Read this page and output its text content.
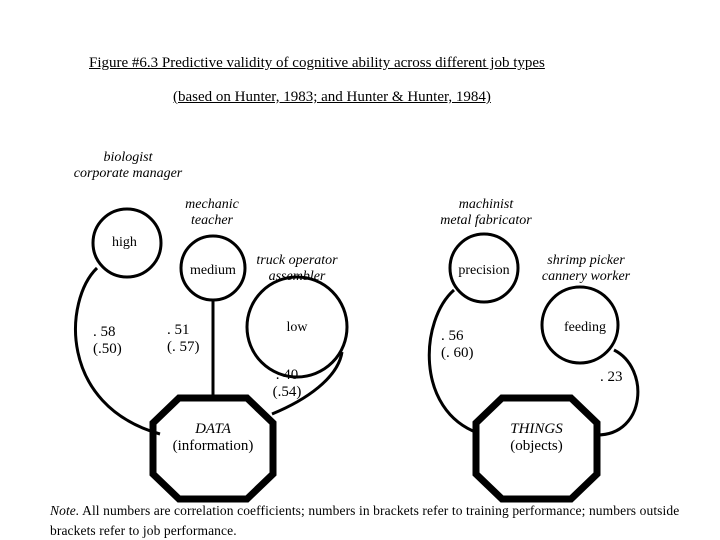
Figure #6.3 Predictive validity of cognitive ability across different job types
(based on Hunter, 1983; and Hunter & Hunter, 1984)
biologist
corporate manager
mechanic
teacher
truck operator
assembler
machinist
metal fabricator
shrimp picker
cannery worker
high
medium
low
precision
feeding
DATA
(information)
THINGS
(objects)
. 58
(.50)
. 51
(. 57)
. 40
(.54)
. 56
(. 60)
. 23
Note. All numbers are correlation coefficients; numbers in brackets refer to training performance; numbers outside brackets refer to job performance.
